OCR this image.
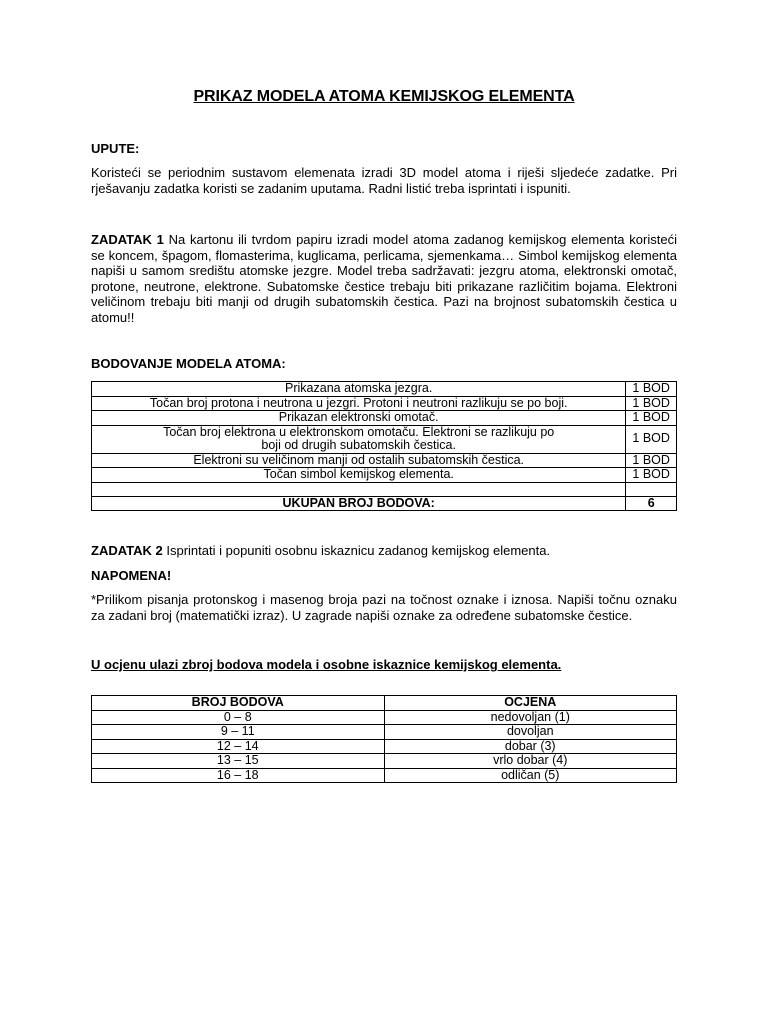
PRIKAZ MODELA ATOMA KEMIJSKOG ELEMENTA
UPUTE:
Koristeći se periodnim sustavom elemenata izradi 3D model atoma i riješi sljedeće zadatke. Pri rješavanju zadatka koristi se zadanim uputama. Radni listić treba isprintati i ispuniti.
ZADATAK 1 Na kartonu ili tvrdom papiru izradi model atoma zadanog kemijskog elementa koristeći se koncem, špagom, flomasterima, kuglicama, perlicama, sjemenkama… Simbol kemijskog elementa napiši u samom središtu atomske jezgre. Model treba sadržavati: jezgru atoma, elektronski omotač, protone, neutrone, elektrone. Subatomske čestice trebaju biti prikazane različitim bojama. Elektroni veličinom trebaju biti manji od drugih subatomskih čestica. Pazi na brojnost subatomskih čestica u atomu!!
BODOVANJE MODELA ATOMA:
Prikazana atomska jezgra.	1 BOD
Točan broj protona i neutrona u jezgri. Protoni i neutroni razlikuju se po boji.	1 BOD
Prikazan elektronski omotač.	1 BOD
Točan broj elektrona u elektronskom omotaču. Elektroni se razlikuju po boji od drugih subatomskih čestica.	1 BOD
Elektroni su veličinom manji od ostalih subatomskih čestica.	1 BOD
Točan simbol kemijskog elementa.	1 BOD

UKUPAN BROJ BODOVA:	6
ZADATAK 2 Isprintati i popuniti osobnu iskaznicu zadanog kemijskog elementa.
NAPOMENA!
*Prilikom pisanja protonskog i masenog broja pazi na točnost oznake i iznosa. Napiši točnu oznaku za zadani broj (matematički izraz). U zagrade napiši oznake za određene subatomske čestice.
U ocjenu ulazi zbroj bodova modela i osobne iskaznice kemijskog elementa.
BROJ BODOVA	OCJENA
0 – 8	nedovoljan (1)
9 – 11	dovoljan
12 – 14	dobar (3)
13 – 15	vrlo dobar (4)
16 – 18	odličan (5)
